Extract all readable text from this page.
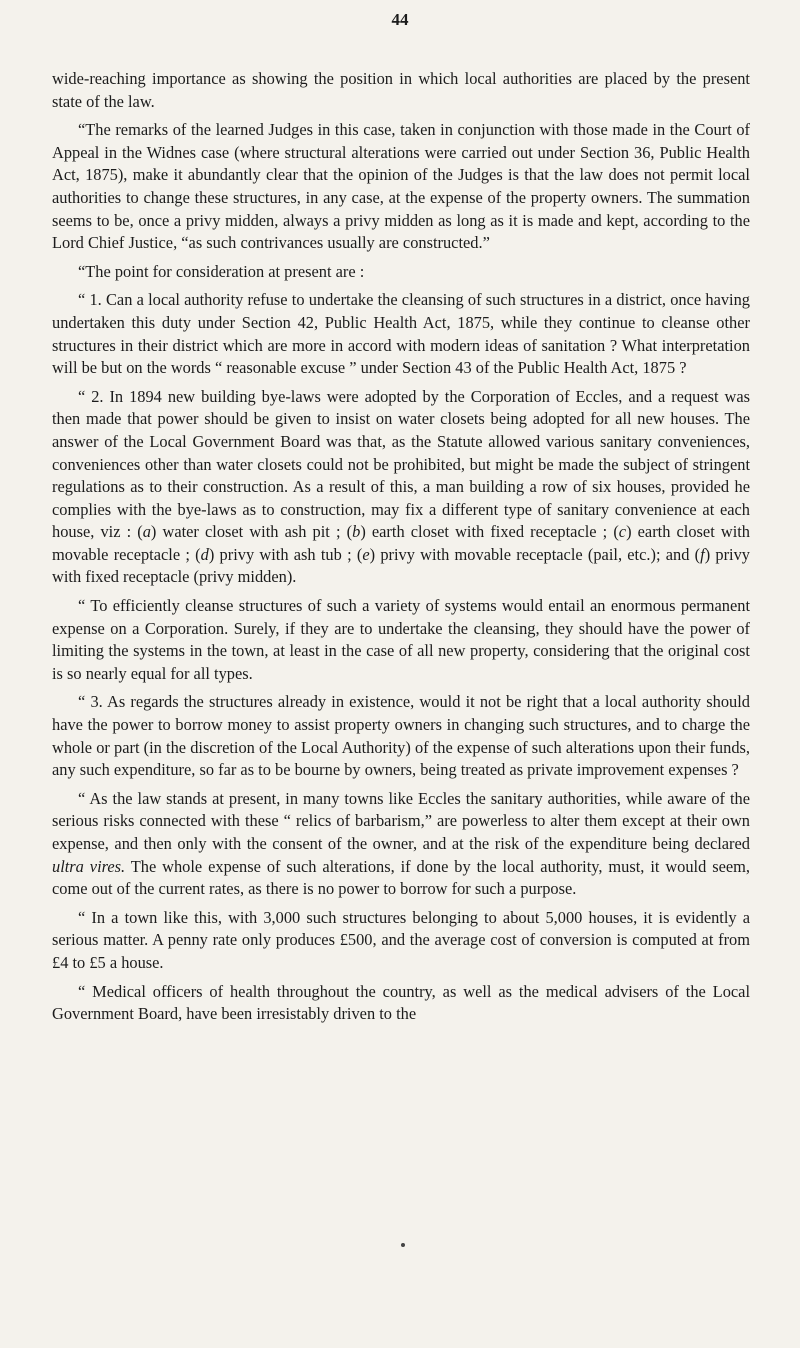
44

wide-reaching importance as showing the position in which local authorities are placed by the present state of the law.

“The remarks of the learned Judges in this case, taken in conjunction with those made in the Court of Appeal in the Widnes case (where structural alterations were carried out under Section 36, Public Health Act, 1875), make it abundantly clear that the opinion of the Judges is that the law does not permit local authorities to change these structures, in any case, at the expense of the property owners. The summation seems to be, once a privy midden, always a privy midden as long as it is made and kept, according to the Lord Chief Justice, “as such contrivances usually are constructed.”

“The point for consideration at present are :

“ 1. Can a local authority refuse to undertake the cleansing of such structures in a district, once having undertaken this duty under Section 42, Public Health Act, 1875, while they continue to cleanse other structures in their district which are more in accord with modern ideas of sanitation ? What interpretation will be but on the words “ reasonable excuse ” under Section 43 of the Public Health Act, 1875 ?

“ 2. In 1894 new building bye-laws were adopted by the Corporation of Eccles, and a request was then made that power should be given to insist on water closets being adopted for all new houses. The answer of the Local Government Board was that, as the Statute allowed various sanitary conveniences, conveniences other than water closets could not be prohibited, but might be made the subject of stringent regulations as to their construction. As a result of this, a man building a row of six houses, provided he complies with the bye-laws as to construction, may fix a different type of sanitary convenience at each house, viz : (a) water closet with ash pit ; (b) earth closet with fixed receptacle ; (c) earth closet with movable receptacle ; (d) privy with ash tub ; (e) privy with movable receptacle (pail, etc.); and (f) privy with fixed receptacle (privy midden).

“ To efficiently cleanse structures of such a variety of systems would entail an enormous permanent expense on a Corporation. Surely, if they are to undertake the cleansing, they should have the power of limiting the systems in the town, at least in the case of all new property, considering that the original cost is so nearly equal for all types.

“ 3. As regards the structures already in existence, would it not be right that a local authority should have the power to borrow money to assist property owners in changing such structures, and to charge the whole or part (in the discretion of the Local Authority) of the expense of such alterations upon their funds, any such expenditure, so far as to be bourne by owners, being treated as private improvement expenses ?

“ As the law stands at present, in many towns like Eccles the sanitary authorities, while aware of the serious risks connected with these “ relics of barbarism,” are powerless to alter them except at their own expense, and then only with the consent of the owner, and at the risk of the expenditure being declared ultra vires. The whole expense of such alterations, if done by the local authority, must, it would seem, come out of the current rates, as there is no power to borrow for such a purpose.

“ In a town like this, with 3,000 such structures belonging to about 5,000 houses, it is evidently a serious matter. A penny rate only produces £500, and the average cost of conversion is computed at from £4 to £5 a house.

“ Medical officers of health throughout the country, as well as the medical advisers of the Local Government Board, have been irresistably driven to the
